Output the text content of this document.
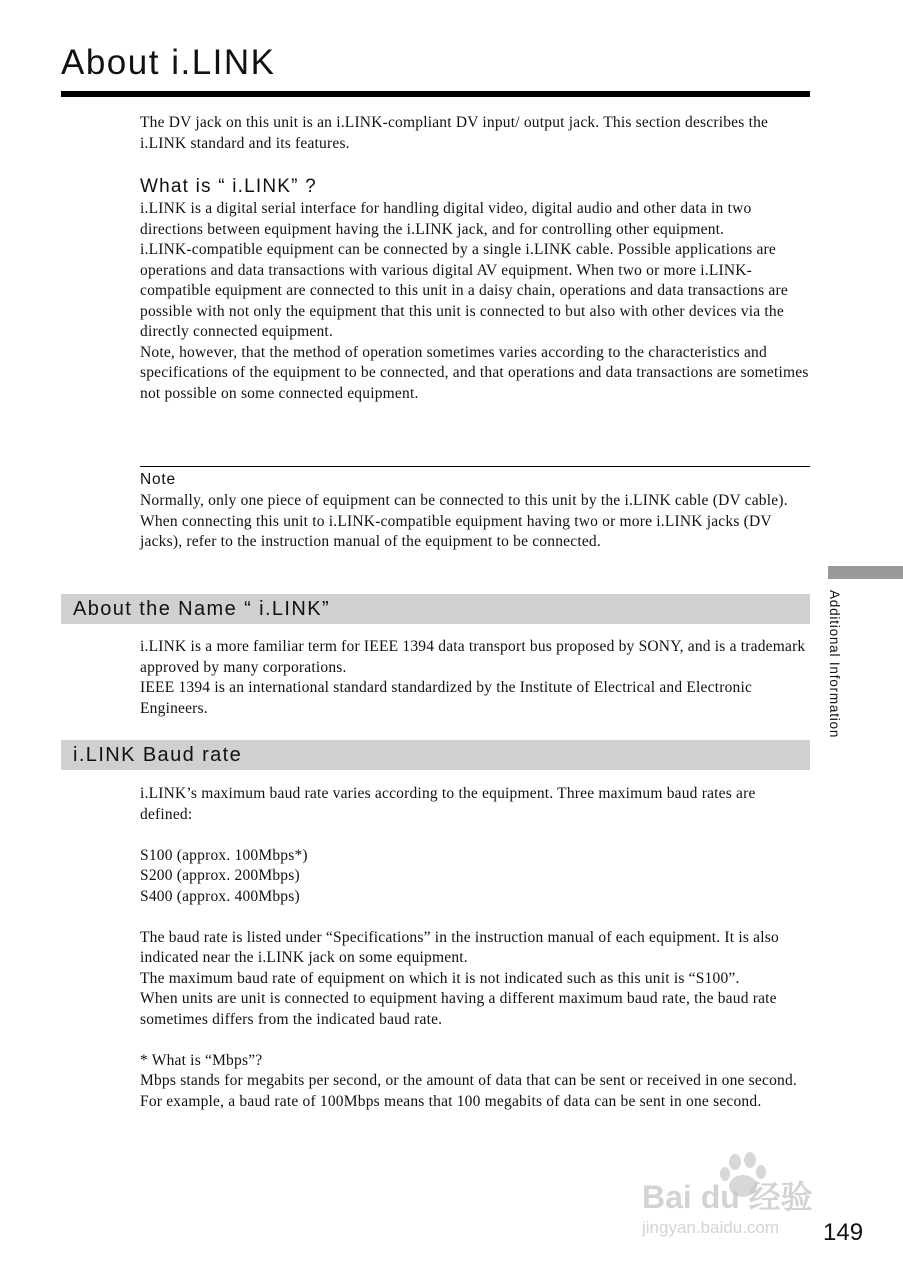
About i.LINK

The DV jack on this unit is an i.LINK-compliant DV input/ output jack. This section describes the i.LINK standard and its features.

What is “ i.LINK” ?

i.LINK is a digital serial interface for handling digital video, digital audio and other data in two directions between equipment having the i.LINK jack, and for controlling other equipment.

i.LINK-compatible equipment can be connected by a single i.LINK cable. Possible applications are operations and data transactions with various digital AV equipment. When two or more i.LINK-compatible equipment are connected to this unit in a daisy chain, operations and data transactions are possible with not only the equipment that this unit is connected to but also with other devices via the directly connected equipment.

Note, however, that the method of operation sometimes varies according to the characteristics and specifications of the equipment to be connected, and that operations and data transactions are sometimes not possible on some connected equipment.

Note

Normally, only one piece of equipment can be connected to this unit by the i.LINK cable (DV cable). When connecting this unit to i.LINK-compatible equipment having two or more i.LINK jacks (DV jacks), refer to the instruction manual of the equipment to be connected.

About the Name “ i.LINK”

i.LINK is a more familiar term for IEEE 1394 data transport bus proposed by SONY, and is a trademark approved by many corporations.

IEEE 1394 is an international standard standardized by the Institute of Electrical and Electronic Engineers.

i.LINK Baud rate

i.LINK’s maximum baud rate varies according to the equipment. Three maximum baud rates are defined:

S100 (approx. 100Mbps*)

S200 (approx. 200Mbps)

S400 (approx. 400Mbps)

The baud rate is listed under “Specifications” in the instruction manual of each equipment. It is also indicated near the i.LINK jack on some equipment.

The maximum baud rate of equipment on which it is not indicated such as this unit is “S100”.

When units are unit is connected to equipment having a different maximum baud rate, the baud rate sometimes differs from the indicated baud rate.

* What is “Mbps”?

Mbps stands for megabits per second, or the amount of data that can be sent or received in one second. For example, a baud rate of 100Mbps means that 100 megabits of data can be sent in one second.

Additional Information
Bai du 经验
jingyan.baidu.com 149
